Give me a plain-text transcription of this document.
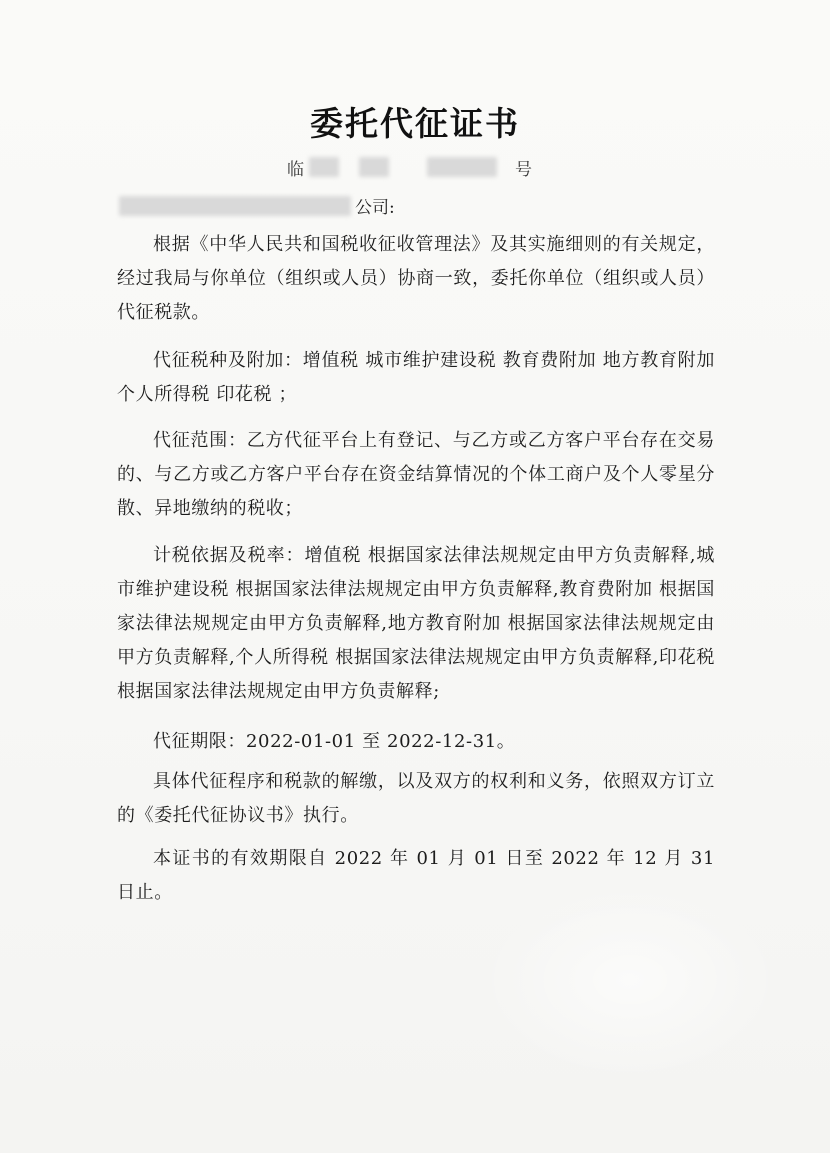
委托代征证书
临	号
公司:
根据《中华人民共和国税收征收管理法》及其实施细则的有关规定，经过我局与你单位（组织或人员）协商一致，委托你单位（组织或人员）代征税款。
代征税种及附加：增值税 城市维护建设税 教育费附加 地方教育附加 个人所得税 印花税 ；
代征范围：乙方代征平台上有登记、与乙方或乙方客户平台存在交易的、与乙方或乙方客户平台存在资金结算情况的个体工商户及个人零星分散、异地缴纳的税收；
计税依据及税率：增值税 根据国家法律法规规定由甲方负责解释,城市维护建设税 根据国家法律法规规定由甲方负责解释,教育费附加 根据国家法律法规规定由甲方负责解释,地方教育附加 根据国家法律法规规定由甲方负责解释,个人所得税 根据国家法律法规规定由甲方负责解释,印花税 根据国家法律法规规定由甲方负责解释;
代征期限：2022-01-01 至 2022-12-31。
具体代征程序和税款的解缴，以及双方的权利和义务，依照双方订立的《委托代征协议书》执行。
本证书的有效期限自 2022 年 01 月 01 日至 2022 年 12 月 31 日止。
